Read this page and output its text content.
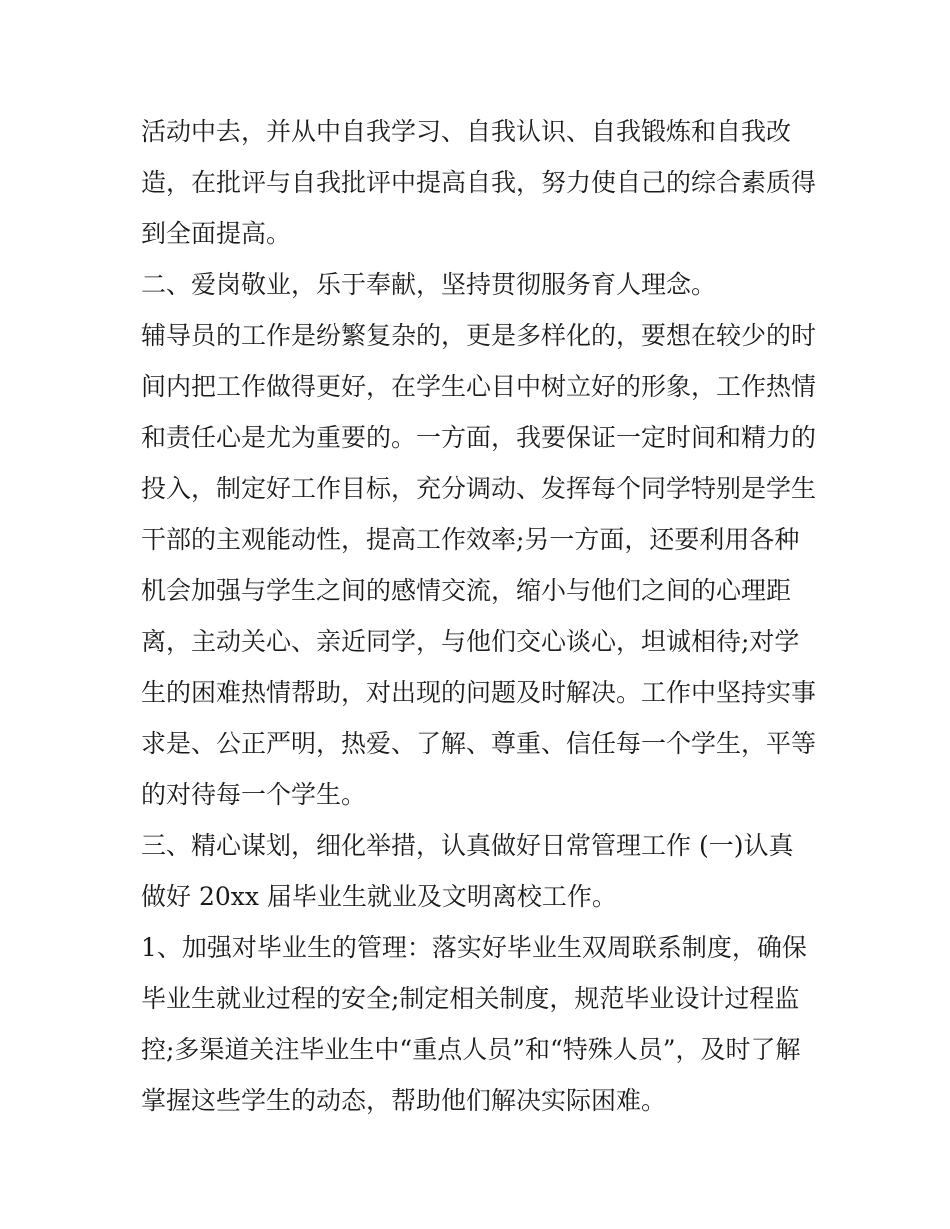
活动中去，并从中自我学习、自我认识、自我锻炼和自我改
造，在批评与自我批评中提高自我，努力使自己的综合素质得
到全面提高。
二、爱岗敬业，乐于奉献，坚持贯彻服务育人理念。
辅导员的工作是纷繁复杂的，更是多样化的，要想在较少的时
间内把工作做得更好，在学生心目中树立好的形象，工作热情
和责任心是尤为重要的。一方面，我要保证一定时间和精力的
投入，制定好工作目标，充分调动、发挥每个同学特别是学生
干部的主观能动性，提高工作效率;另一方面，还要利用各种
机会加强与学生之间的感情交流，缩小与他们之间的心理距
离，主动关心、亲近同学，与他们交心谈心，坦诚相待;对学
生的困难热情帮助，对出现的问题及时解决。工作中坚持实事
求是、公正严明，热爱、了解、尊重、信任每一个学生，平等
的对待每一个学生。
三、精心谋划，细化举措，认真做好日常管理工作 (一)认真
做好 20xx 届毕业生就业及文明离校工作。
1、加强对毕业生的管理：落实好毕业生双周联系制度，确保
毕业生就业过程的安全;制定相关制度，规范毕业设计过程监
控;多渠道关注毕业生中“重点人员”和“特殊人员”，及时了解
掌握这些学生的动态，帮助他们解决实际困难。
